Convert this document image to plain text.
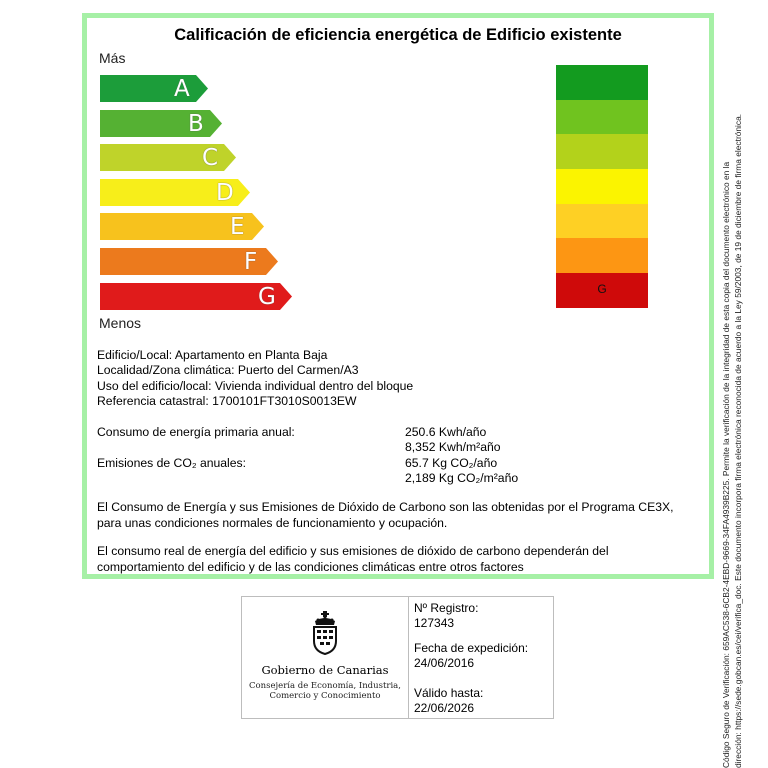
Calificación de eficiencia energética de Edificio existente
Más
A
B
C
D
E
F
G
Menos
G
Edificio/Local: Apartamento en Planta Baja
Localidad/Zona climática: Puerto del Carmen/A3
Uso del edificio/local: Vivienda individual dentro del bloque
Referencia catastral: 1700101FT3010S0013EW
Consumo de energía primaria anual:	250.6 Kwh/año
8,352 Kwh/m²año
Emisiones de CO₂ anuales:	65.7 Kg CO₂/año
2,189 Kg CO₂/m²año
El Consumo de Energía y sus Emisiones de Dióxido de Carbono son las obtenidas por el Programa CE3X,
para unas condiciones normales de funcionamiento y ocupación.
El consumo real de energía del edificio y sus emisiones de dióxido de carbono dependerán del
comportamiento del edificio y de las condiciones climáticas entre otros factores
Gobierno de Canarias
Consejería de Economía, Industria,
Comercio y Conocimiento
Nº Registro:
127343
Fecha de expedición:
24/06/2016
Válido hasta:
22/06/2026	Código Seguro de Verificación: 659AC538-6CB2-4EBD-9669-34FA4939B225. Permite la verificación de la integridad de esta copia del documento electrónico en la dirección: https://sede.gobcan.es/cei/verifica_doc. Este documento incorpora firma electrónica reconocida de acuerdo a la Ley 59/2003, de 19 de diciembre de firma electrónica.
